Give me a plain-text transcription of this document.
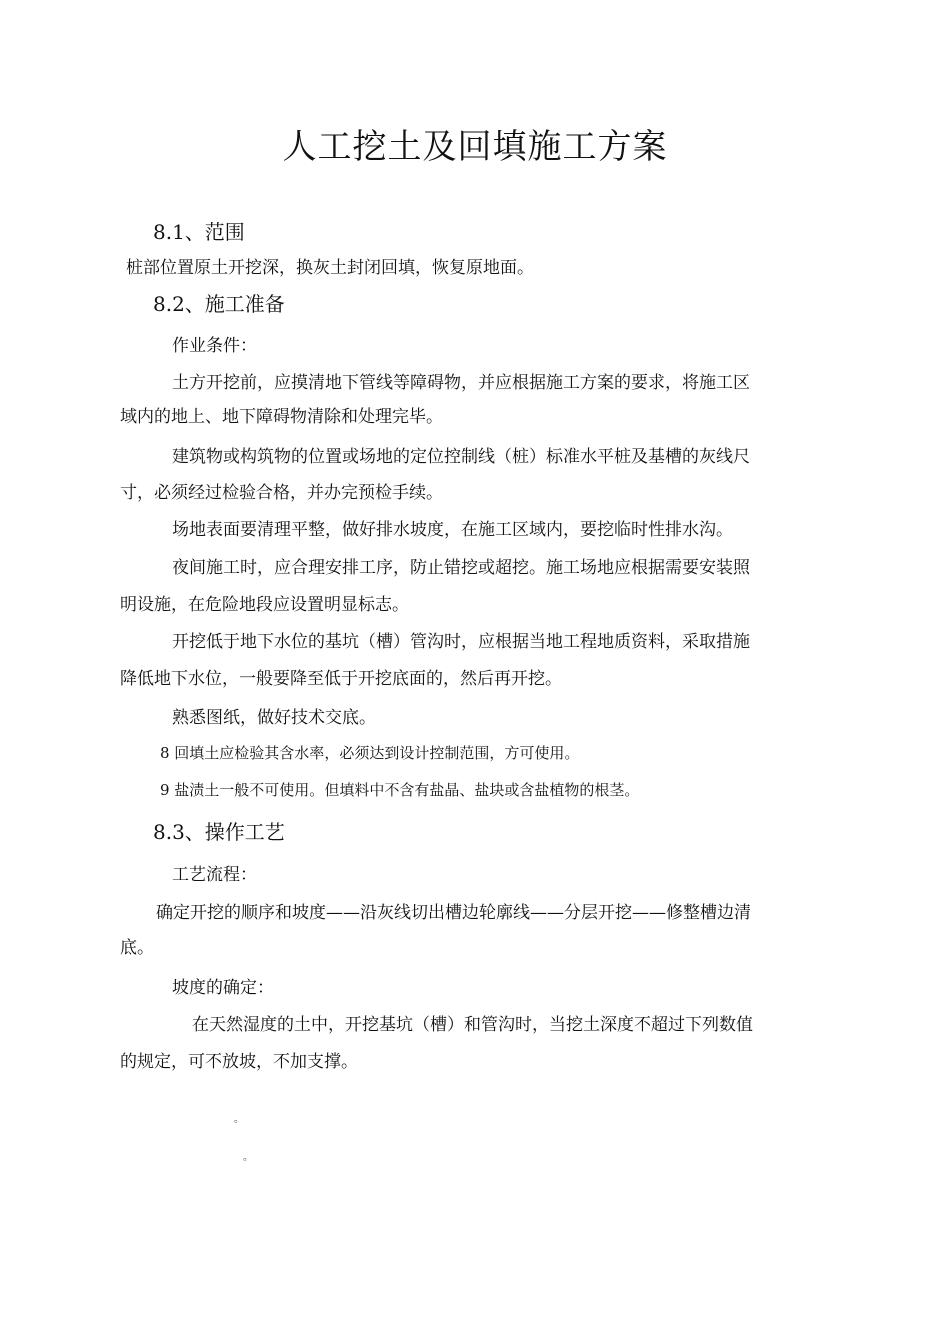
人工挖土及回填施工方案

8.1、范围

桩部位置原土开挖深，换灰土封闭回填，恢复原地面。

8.2、施工准备

作业条件：

土方开挖前，应摸清地下管线等障碍物，并应根据施工方案的要求，将施工区

域内的地上、地下障碍物清除和处理完毕。

建筑物或构筑物的位置或场地的定位控制线（桩）标准水平桩及基槽的灰线尺

寸，必须经过检验合格，并办完预检手续。

场地表面要清理平整，做好排水坡度，在施工区域内，要挖临时性排水沟。

夜间施工时，应合理安排工序，防止错挖或超挖。施工场地应根据需要安装照

明设施，在危险地段应设置明显标志。

开挖低于地下水位的基坑（槽）管沟时，应根据当地工程地质资料，采取措施

降低地下水位，一般要降至低于开挖底面的，然后再开挖。

熟悉图纸，做好技术交底。

8 回填土应检验其含水率，必须达到设计控制范围，方可使用。

9 盐渍土一般不可使用。但填料中不含有盐晶、盐块或含盐植物的根茎。

8.3、操作工艺

工艺流程：

确定开挖的顺序和坡度——沿灰线切出槽边轮廓线——分层开挖——修整槽边清

底。

坡度的确定：

在天然湿度的土中，开挖基坑（槽）和管沟时，当挖土深度不超过下列数值

的规定，可不放坡，不加支撑。

。
。
